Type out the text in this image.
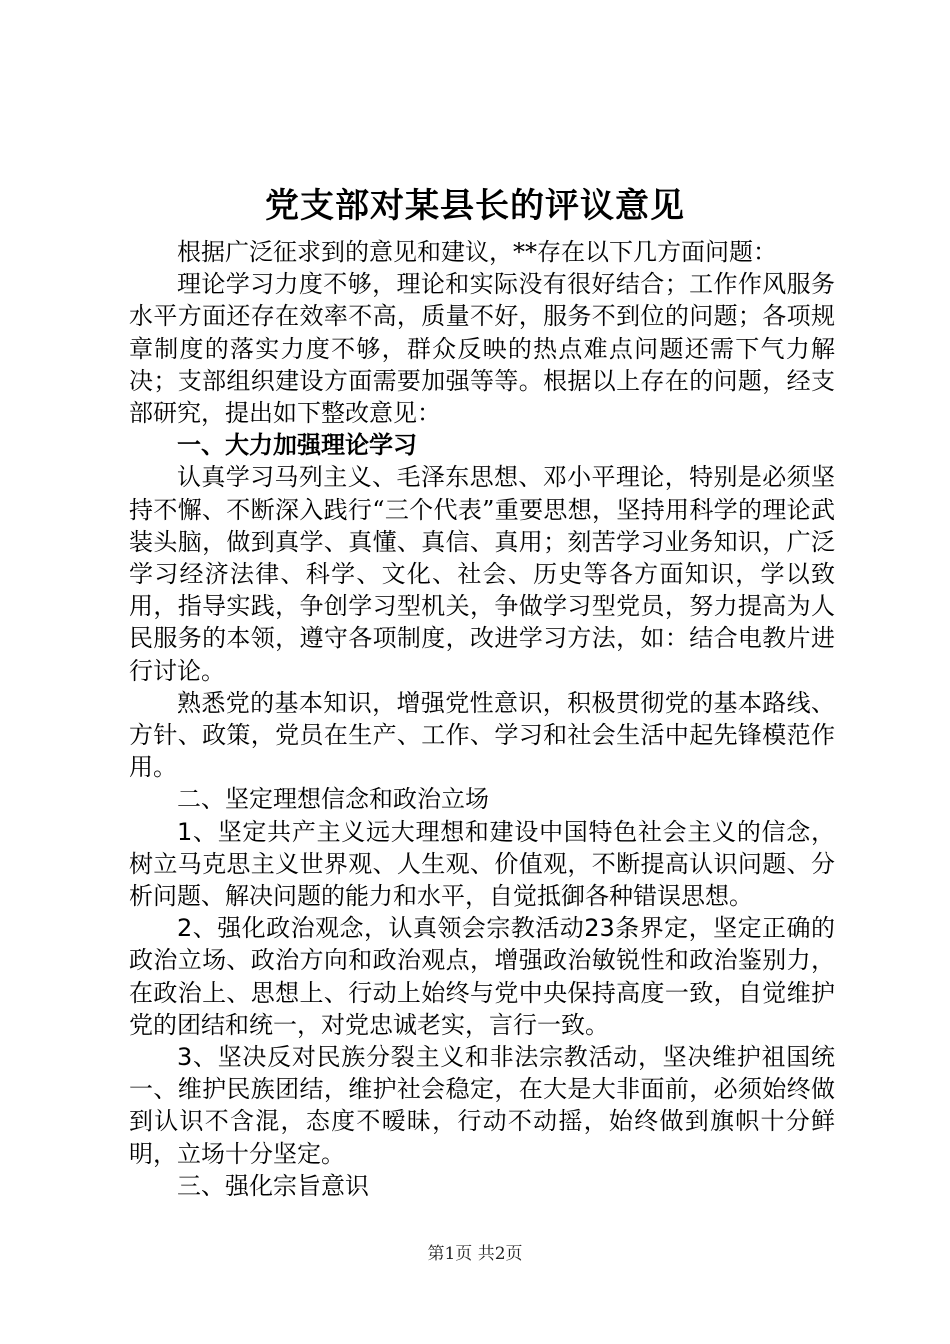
党支部对某县长的评议意见

根据广泛征求到的意见和建议，**存在以下几方面问题：

理论学习力度不够，理论和实际没有很好结合；工作作风服务水平方面还存在效率不高，质量不好，服务不到位的问题；各项规章制度的落实力度不够，群众反映的热点难点问题还需下气力解决；支部组织建设方面需要加强等等。根据以上存在的问题，经支部研究，提出如下整改意见：

一、大力加强理论学习

认真学习马列主义、毛泽东思想、邓小平理论，特别是必须坚持不懈、不断深入践行“三个代表”重要思想，坚持用科学的理论武装头脑，做到真学、真懂、真信、真用；刻苦学习业务知识，广泛学习经济法律、科学、文化、社会、历史等各方面知识，学以致用，指导实践，争创学习型机关，争做学习型党员，努力提高为人民服务的本领，遵守各项制度，改进学习方法，如：结合电教片进行讨论。

熟悉党的基本知识，增强党性意识，积极贯彻党的基本路线、方针、政策，党员在生产、工作、学习和社会生活中起先锋模范作用。

二、坚定理想信念和政治立场

1、坚定共产主义远大理想和建设中国特色社会主义的信念，树立马克思主义世界观、人生观、价值观，不断提高认识问题、分析问题、解决问题的能力和水平，自觉抵御各种错误思想。

2、强化政治观念，认真领会宗教活动23条界定，坚定正确的政治立场、政治方向和政治观点，增强政治敏锐性和政治鉴别力，在政治上、思想上、行动上始终与党中央保持高度一致，自觉维护党的团结和统一，对党忠诚老实，言行一致。

3、坚决反对民族分裂主义和非法宗教活动，坚决维护祖国统一、维护民族团结，维护社会稳定，在大是大非面前，必须始终做到认识不含混，态度不暧昧，行动不动摇，始终做到旗帜十分鲜明，立场十分坚定。

三、强化宗旨意识

第1页 共2页
